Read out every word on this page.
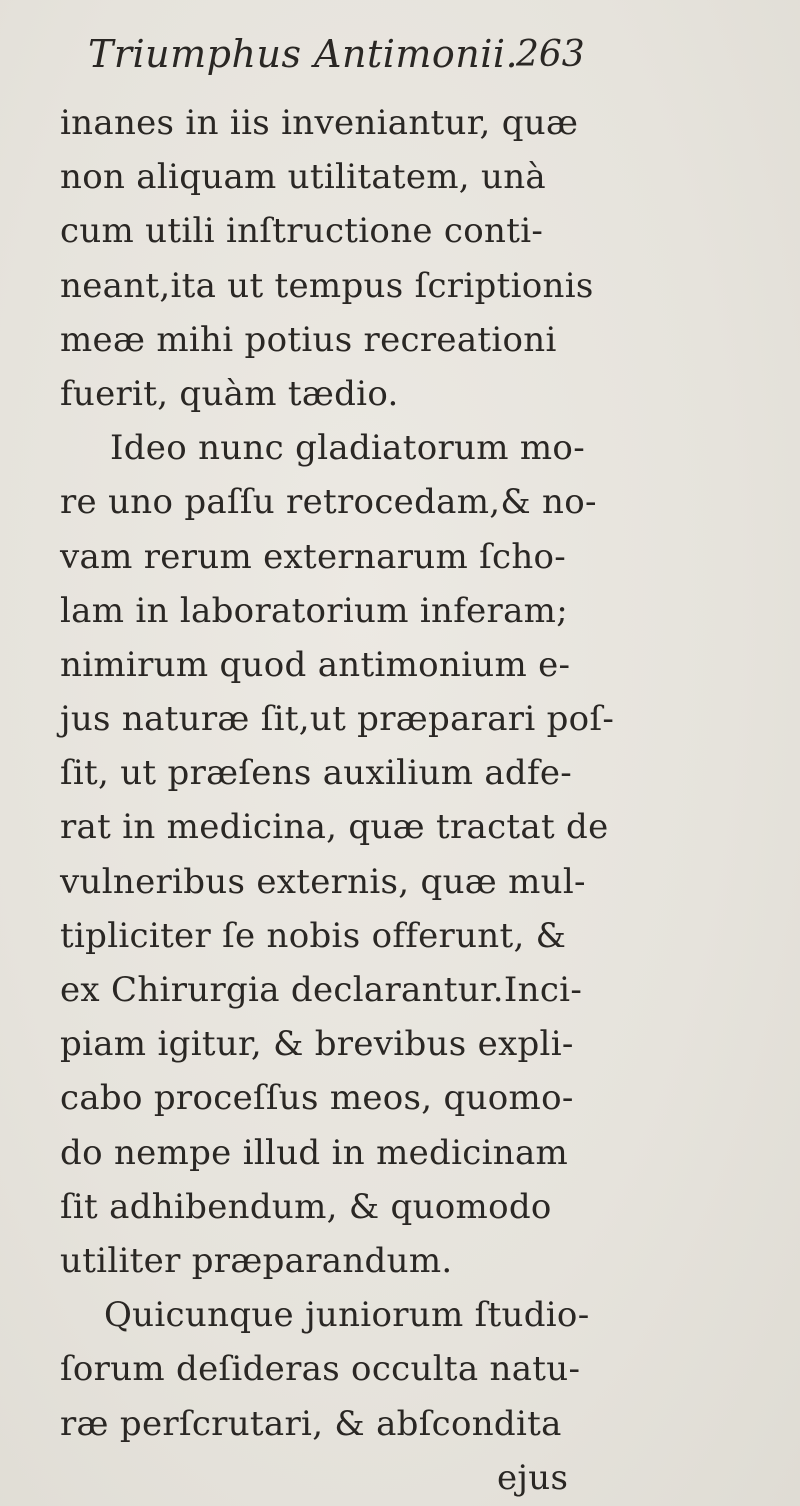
Triumphus Antimonii.
263
inanes in iis inveniantur, quæ
non aliquam utilitatem, unà
cum utili inſtructione conti-
neant,ita ut tempus ſcriptionis
meæ mihi potius recreationi
fuerit, quàm tædio.
Ideo nunc gladiatorum mo-
re uno paſſu retrocedam,& no-
vam rerum externarum ſcho-
lam in laboratorium inferam;
nimirum quod antimonium e-
jus naturæ ſit,ut præparari poſ-
ſit, ut præſens auxilium adfe-
rat in medicina, quæ tractat de
vulneribus externis, quæ mul-
tipliciter ſe nobis offerunt, &
ex Chirurgia declarantur.Inci-
piam igitur, & brevibus expli-
cabo proceſſus meos, quomo-
do nempe illud in medicinam
ſit adhibendum, & quomodo
utiliter præparandum.
Quicunque juniorum ſtudio-
ſorum deſideras occulta natu-
ræ perſcrutari, & abſcondita
ejus
